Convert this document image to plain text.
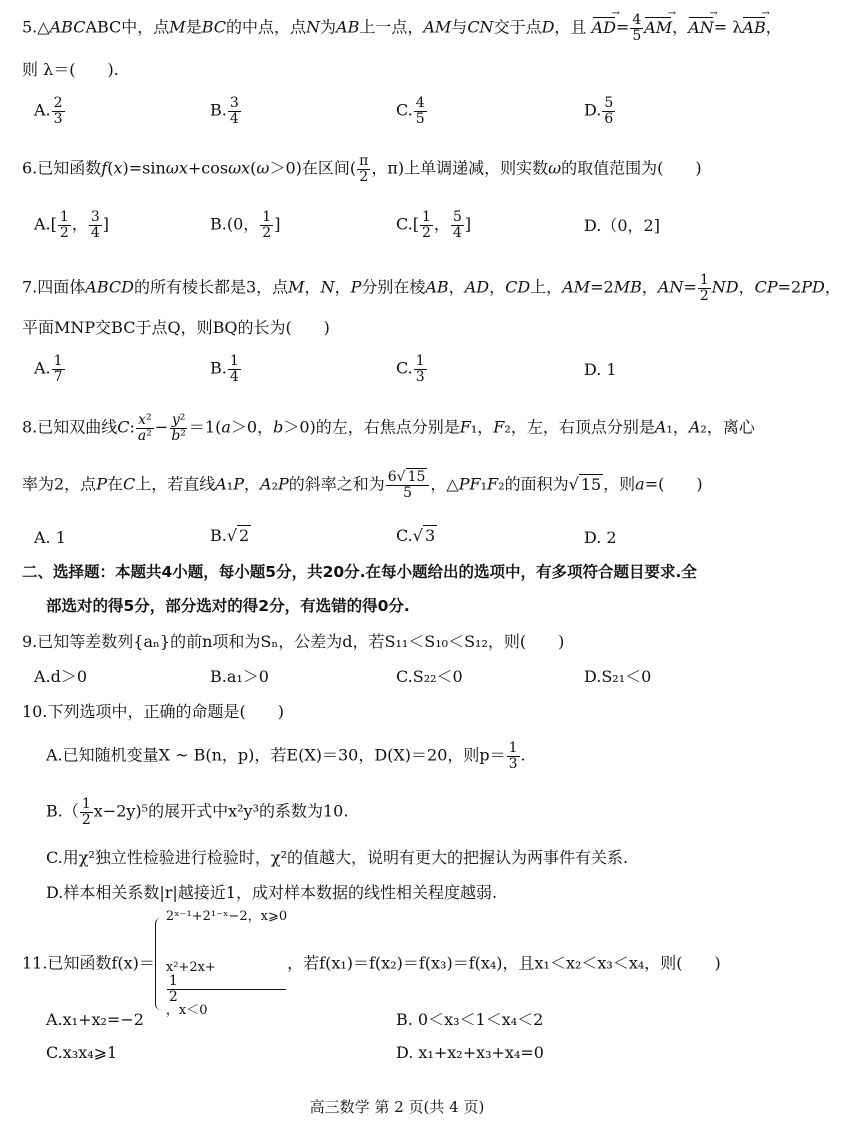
5.△ABCABC中，点M是BC的中点，点N为AB上一点，AM与CN交于点D，且 AD →= $\frac{4}{5}$ AM →，AN →= λAB →，
则 λ＝(　　).
A. $\frac{2}{3}$	B. $\frac{3}{4}$	C. $\frac{4}{5}$	D. $\frac{5}{6}$
6.已知函数f(x)=sinωx+cosωx(ω＞0)在区间( $\frac{\pi}{2}$ ，π)上单调递减，则实数ω的取值范围为(　　)
$A.[ \frac{1}{2}$ ， $\frac{3}{4}$ ]	B.(0， $\frac{1}{2}$ ]	$C.[ \frac{1}{2}$ ， $\frac{5}{4}$ ]	D.（0，2]
7.四面体ABCD的所有棱长都是3，点M，N，P分别在棱AB，AD，CD上，AM=2MB，$AN= \frac{1}{2}$ ND，CP=2PD，
平面MNP交BC于点Q，则BQ的长为(　　)
A. $\frac{1}{7}$	B. $\frac{1}{4}$	C. $\frac{1}{3}$	D. 1
8.已知双曲线C: $\frac{\text{x²}}{\text{a²}} - \frac{\text{y²}}{\text{b²}} =1(a>0$，b＞0)的左，右焦点分别是F₁，F₂，左，右顶点分别是A₁，A₂，离心
率为2，点P在C上，若直线A₁P，A₂P的斜率之和为 $\frac{6√ 15}{5}$ ，△PF₁F₂的面积为√ 15 ，则a=(　　)
A. 1	B.√ 2	C.√ 3	D. 2
二、选择题：本题共4小题，每小题5分，共20分.在每小题给出的选项中，有多项符合题目要求.全
部选对的得5分，部分选对的得2分，有选错的得0分.
9.已知等差数列{aₙ}的前n项和为Sₙ，公差为d，若S₁₁＜S₁₀＜S₁₂，则(　　)
A.d＞0	B.a₁＞0	C.S₂₂＜0	D.S₂₁＜0
10.下列选项中，正确的命题是(　　)
A.已知随机变量X ~ B(n，p)，若E(X)＝30，D(X)＝20，则$p= \frac{1}{3}$ .
$B.( \frac{1}{2} x-2y)^5$的展开式中x²y³的系数为10.
C.用χ²独立性检验进行检验时，χ²的值越大，说明有更大的把握认为两事件有关系.
D.样本相关系数|r|越接近1，成对样本数据的线性相关程度越弱.
11.已知函数f(x)＝
2ˣ⁻¹+2¹⁻ˣ−2，x⩾0
x²+2x+
1
2
，x＜0
，若f(x₁)＝f(x₂)＝f(x₃)＝f(x₄)，且x₁＜x₂＜x₃＜x₄，则(　　)
A.x₁+x₂=−2	B. 0＜x₃＜1＜x₄＜2
C.x₃x₄⩾1	D. x₁+x₂+x₃+x₄=0
高三数学 第 2 页(共 4 页)
